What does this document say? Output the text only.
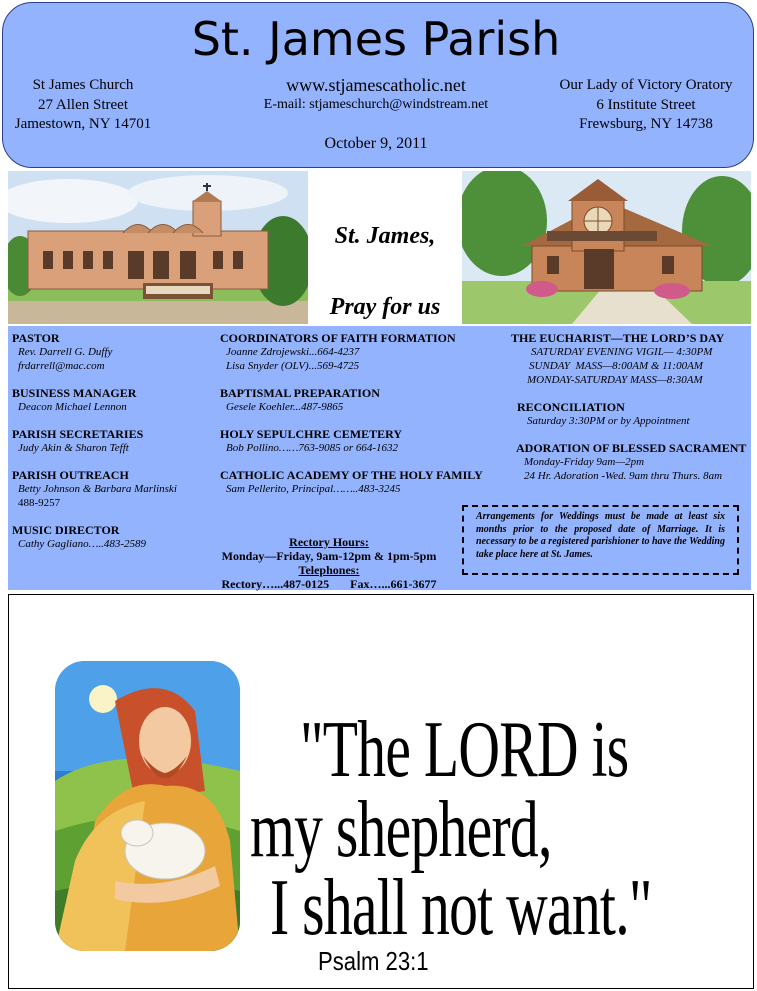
St. James Parish
St James Church
27 Allen Street
Jamestown, NY 14701
www.stjamescatholic.net
E-mail: stjameschurch@windstream.net
Our Lady of Victory Oratory
6 Institute Street
Frewsburg, NY 14738
October 9, 2011
St. James,
Pray for us
PASTOR
Rev. Darrell G. Duffy
frdarrell@mac.com
BUSINESS MANAGER
Deacon Michael Lennon
PARISH SECRETARIES
Judy Akin & Sharon Tefft
PARISH OUTREACH
Betty Johnson & Barbara Marlinski
488-9257
MUSIC DIRECTOR
Cathy Gagliano…..483-2589
COORDINATORS OF FAITH FORMATION
Joanne Zdrojewski...664-4237
Lisa Snyder (OLV)...569-4725
BAPTISMAL PREPARATION
Gesele Koehler...487-9865
HOLY SEPULCHRE CEMETERY
Bob Pollino……763-9085 or 664-1632
CATHOLIC ACADEMY OF THE HOLY FAMILY
Sam Pellerito, Principal……..483-3245
Rectory Hours:
Monday—Friday, 9am-12pm & 1pm-5pm
Telephones:
Rectory…...487-0125       Fax…...661-3677
THE EUCHARIST—THE LORD’S DAY
SATURDAY EVENING VIGIL— 4:30PM
SUNDAY  MASS—8:00AM & 11:00AM
MONDAY-SATURDAY MASS—8:30AM
RECONCILIATION
Saturday 3:30PM or by Appointment
ADORATION OF BLESSED SACRAMENT
Monday-Friday 9am—2pm
24 Hr. Adoration -Wed. 9am thru Thurs. 8am
Arrangements for Weddings must be made at least six months prior to the proposed date of Marriage. It is necessary to be a registered parishioner to have the Wedding take place here at St. James.
"The LORD is
my shepherd,
I shall not want."
Psalm 23:1
